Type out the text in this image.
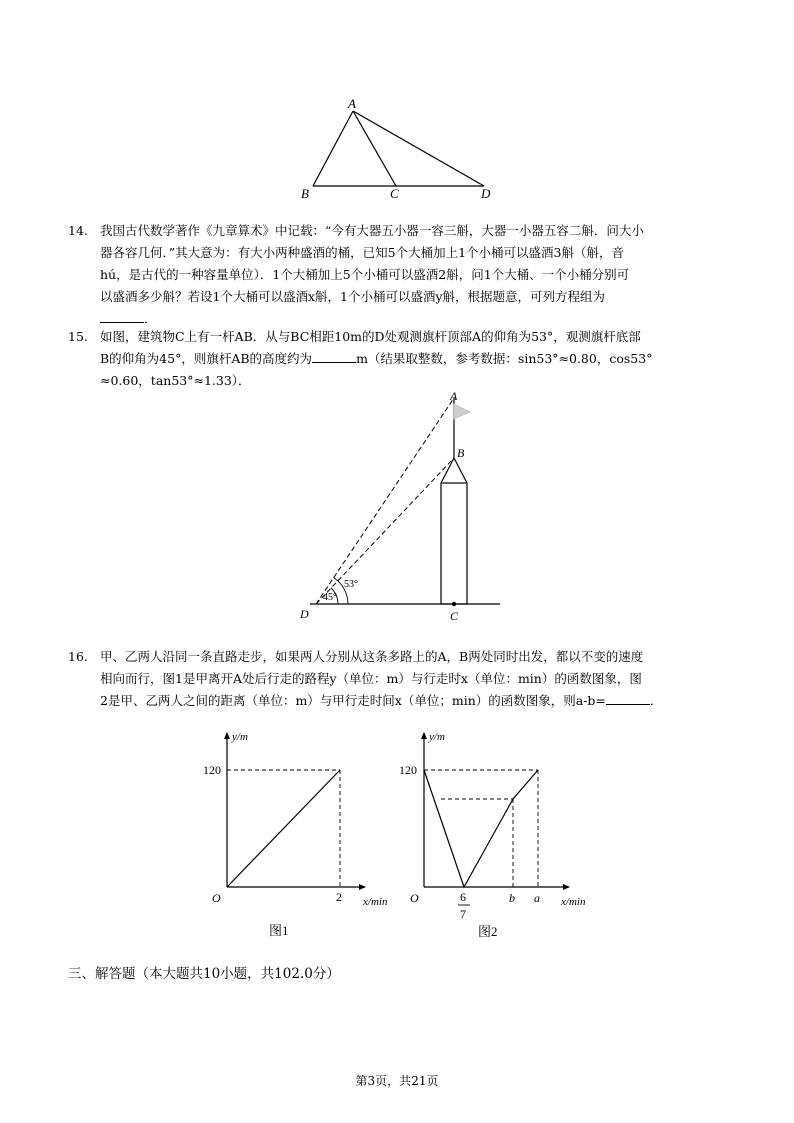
A
B	C	D
14. 我国古代数学著作《九章算术》中记载：“今有大器五小器一容三斛，大器一小器五容二斛．问大小
器各容几何．”其大意为：有大小两种盛酒的桶，已知5个大桶加上1个小桶可以盛酒3斛（斛，音
hú，是古代的一种容量单位）．1个大桶加上5个小桶可以盛酒2斛，问1个大桶、一个小桶分别可
以盛酒多少斛？若设1个大桶可以盛酒x斛，1个小桶可以盛酒y斛，根据题意，可列方程组为
．
15. 如图，建筑物C上有一杆AB．从与BC相距10m的D处观测旗杆顶部A的仰角为53°，观测旗杆底部
B的仰角为45°，则旗杆AB的高度约为	m（结果取整数，参考数据：sin53°≈0.80，cos53°
≈0.60，tan53°≈1.33）．
A
B
C
D
53°
45°
16. 甲、乙两人沿同一条直路走步，如果两人分别从这条多路上的A，B两处同时出发，都以不变的速度
相向而行，图1是甲离开A处后行走的路程y（单位：m）与行走时x（单位：min）的函数图象，图
2是甲、乙两人之间的距离（单位：m）与甲行走时间x（单位；min）的函数图象，则a-b=	．
y/m
x/min
120
2
O
图1
y/m
x/min
120
O	6
7
b a
图2
三、解答题（本大题共10小题，共102.0分）
第3页，共21页
